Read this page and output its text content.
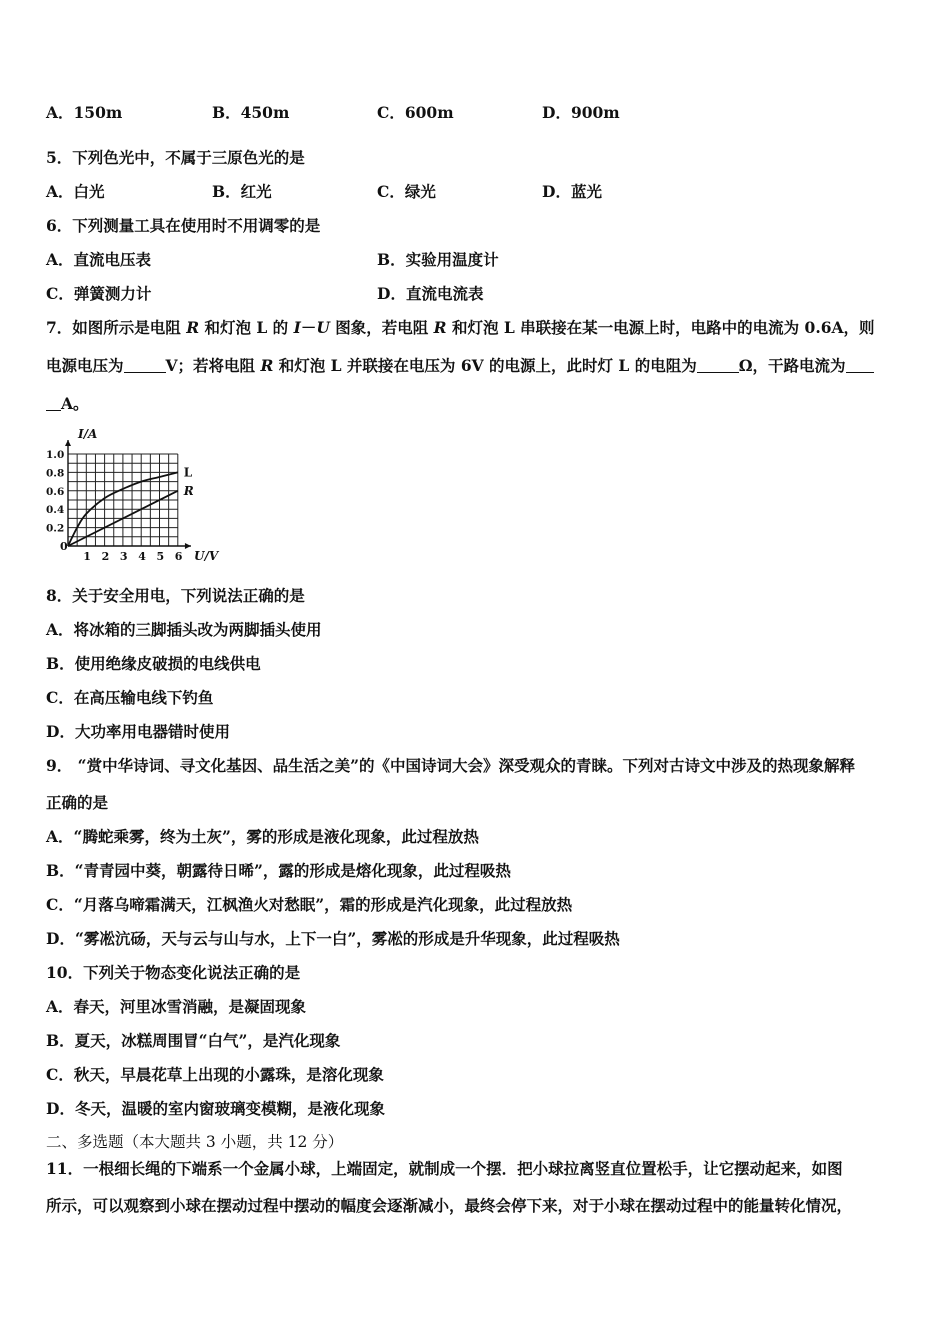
A．150m	B．450m	C．600m	D．900m
5．下列色光中，不属于三原色光的是
A．白光	B．红光	C．绿光	D．蓝光
6．下列测量工具在使用时不用调零的是
A．直流电压表	B．实验用温度计
C．弹簧测力计	D．直流电流表
7．如图所示是电阻 R 和灯泡 L 的 I－U 图象，若电阻 R 和灯泡 L 串联接在某一电源上时，电路中的电流为 0.6A，则
电源电压为	V；若将电阻 R 和灯泡 L 并联接在电压为 6V 的电源上，此时灯 L 的电阻为	Ω，干路电流为
A。
1 2 3 4 5 6
0.2
0.4
0.6
0.8
1.0
L
R
I/A
U/V
0
8．关于安全用电，下列说法正确的是
A．将冰箱的三脚插头改为两脚插头使用
B．使用绝缘皮破损的电线供电
C．在高压输电线下钓鱼
D．大功率用电器错时使用
9． “赏中华诗词、寻文化基因、品生活之美”的《中国诗词大会》深受观众的青睐。下列对古诗文中涉及的热现象解释
正确的是
A．“腾蛇乘雾，终为土灰”，雾的形成是液化现象，此过程放热
B．“青青园中葵，朝露待日晞”，露的形成是熔化现象，此过程吸热
C．“月落乌啼霜满天，江枫渔火对愁眠”，霜的形成是汽化现象，此过程放热
D．“雾凇沆砀，天与云与山与水，上下一白”，雾凇的形成是升华现象，此过程吸热
10．下列关于物态变化说法正确的是
A．春天，河里冰雪消融，是凝固现象
B．夏天，冰糕周围冒“白气”，是汽化现象
C．秋天，早晨花草上出现的小露珠，是溶化现象
D．冬天，温暖的室内窗玻璃变模糊，是液化现象
二、多选题（本大题共 3 小题，共 12 分）
11．一根细长绳的下端系一个金属小球，上端固定，就制成一个摆．把小球拉离竖直位置松手，让它摆动起来，如图
所示，可以观察到小球在摆动过程中摆动的幅度会逐渐减小，最终会停下来，对于小球在摆动过程中的能量转化情况，
